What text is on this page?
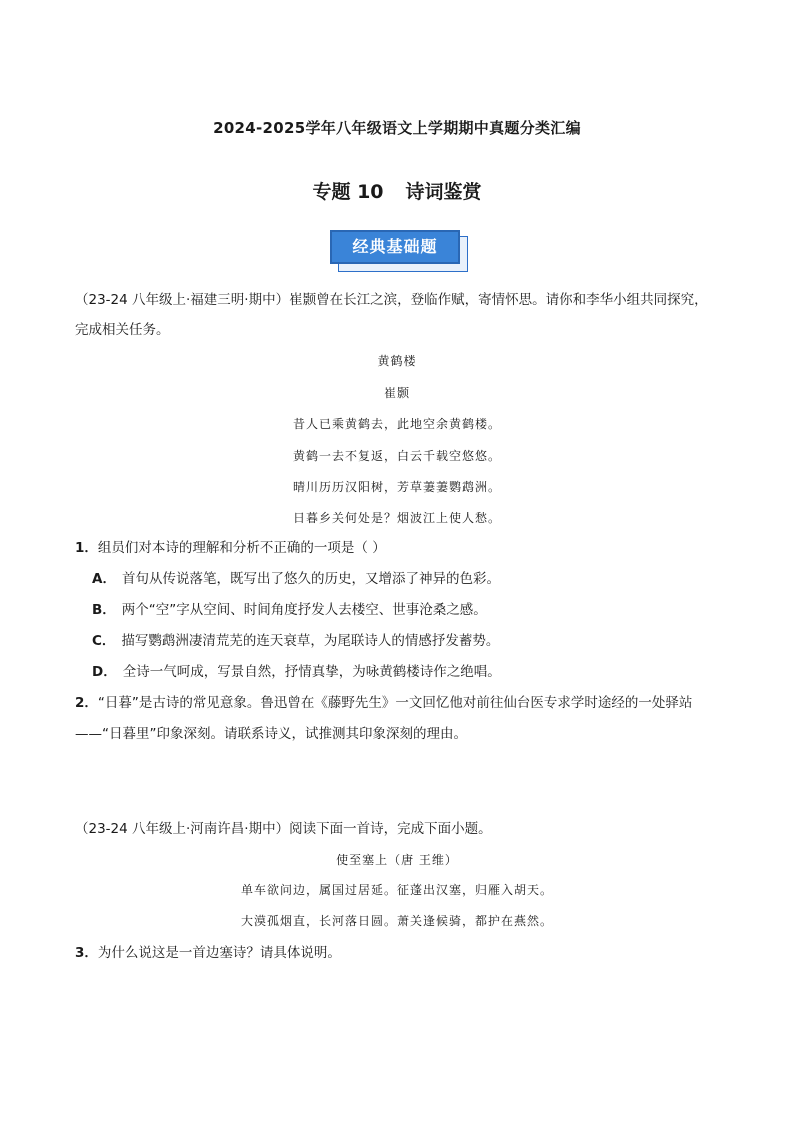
2024-2025学年八年级语文上学期期中真题分类汇编
专题 10 诗词鉴赏
经典基础题
（23-24 八年级上·福建三明·期中）崔颢曾在长江之滨，登临作赋，寄情怀思。请你和李华小组共同探究，
完成相关任务。
黄鹤楼
崔颢
昔人已乘黄鹤去，此地空余黄鹤楼。
黄鹤一去不复返，白云千载空悠悠。
晴川历历汉阳树，芳草萋萋鹦鹉洲。
日暮乡关何处是？烟波江上使人愁。
1．组员们对本诗的理解和分析不正确的一项是（ ）
A． 首句从传说落笔，既写出了悠久的历史，又增添了神异的色彩。
B． 两个“空”字从空间、时间角度抒发人去楼空、世事沧桑之感。
C． 描写鹦鹉洲凄清荒芜的连天衰草，为尾联诗人的情感抒发蓄势。
D． 全诗一气呵成，写景自然，抒情真挚，为咏黄鹤楼诗作之绝唱。
2．“日暮”是古诗的常见意象。鲁迅曾在《藤野先生》一文回忆他对前往仙台医专求学时途经的一处驿站
——“日暮里”印象深刻。请联系诗义，试推测其印象深刻的理由。
（23-24 八年级上·河南许昌·期中）阅读下面一首诗，完成下面小题。
使至塞上（唐 王维）
单车欲问边，属国过居延。征蓬出汉塞，归雁入胡天。
大漠孤烟直，长河落日圆。萧关逢候骑，都护在燕然。
3．为什么说这是一首边塞诗？请具体说明。
